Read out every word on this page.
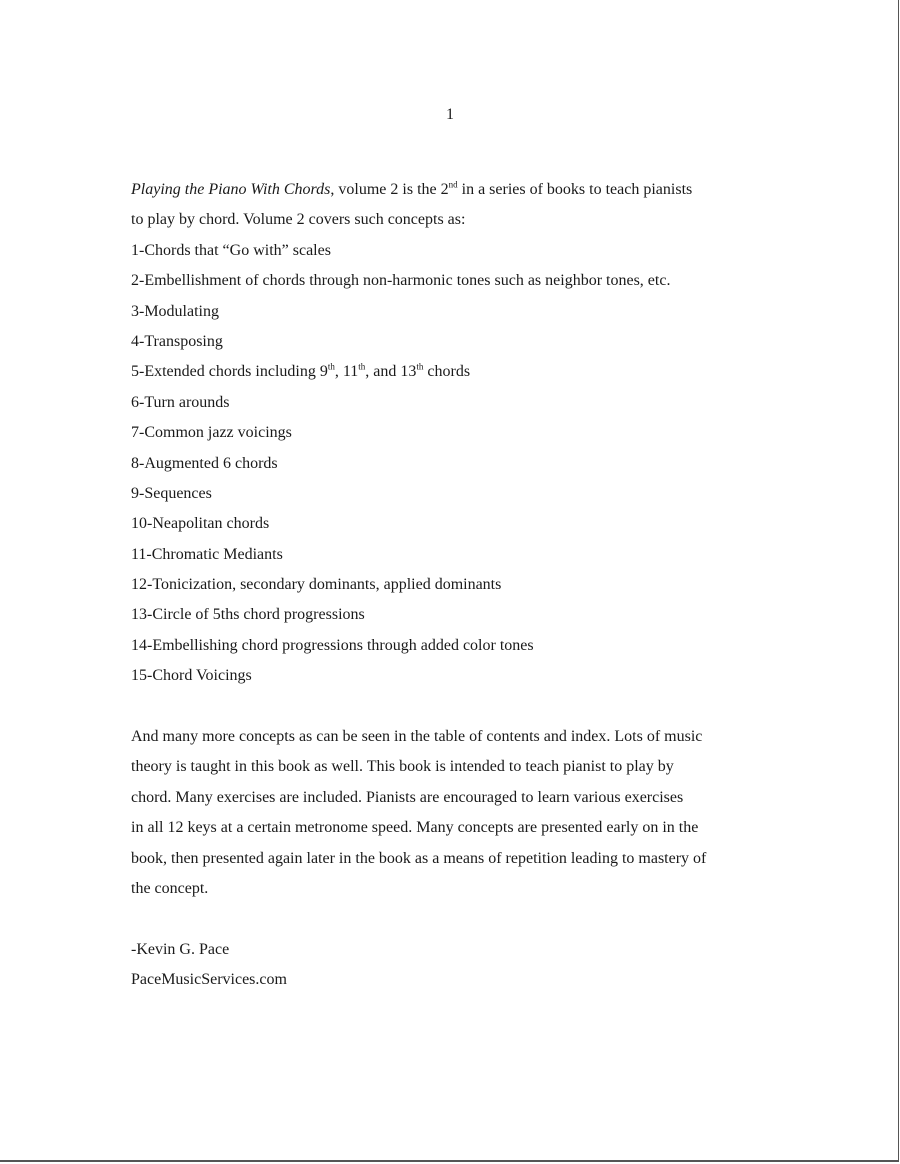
1
Playing the Piano With Chords, volume 2 is the 2nd in a series of books to teach pianists
to play by chord. Volume 2 covers such concepts as:
1-Chords that “Go with” scales
2-Embellishment of chords through non-harmonic tones such as neighbor tones, etc.
3-Modulating
4-Transposing
5-Extended chords including 9th, 11th, and 13th chords
6-Turn arounds
7-Common jazz voicings
8-Augmented 6 chords
9-Sequences
10-Neapolitan chords
11-Chromatic Mediants
12-Tonicization, secondary dominants, applied dominants
13-Circle of 5ths chord progressions
14-Embellishing chord progressions through added color tones
15-Chord Voicings
And many more concepts as can be seen in the table of contents and index. Lots of music
theory is taught in this book as well. This book is intended to teach pianist to play by
chord. Many exercises are included. Pianists are encouraged to learn various exercises
in all 12 keys at a certain metronome speed. Many concepts are presented early on in the
book, then presented again later in the book as a means of repetition leading to mastery of
the concept.
-Kevin G. Pace
PaceMusicServices.com
